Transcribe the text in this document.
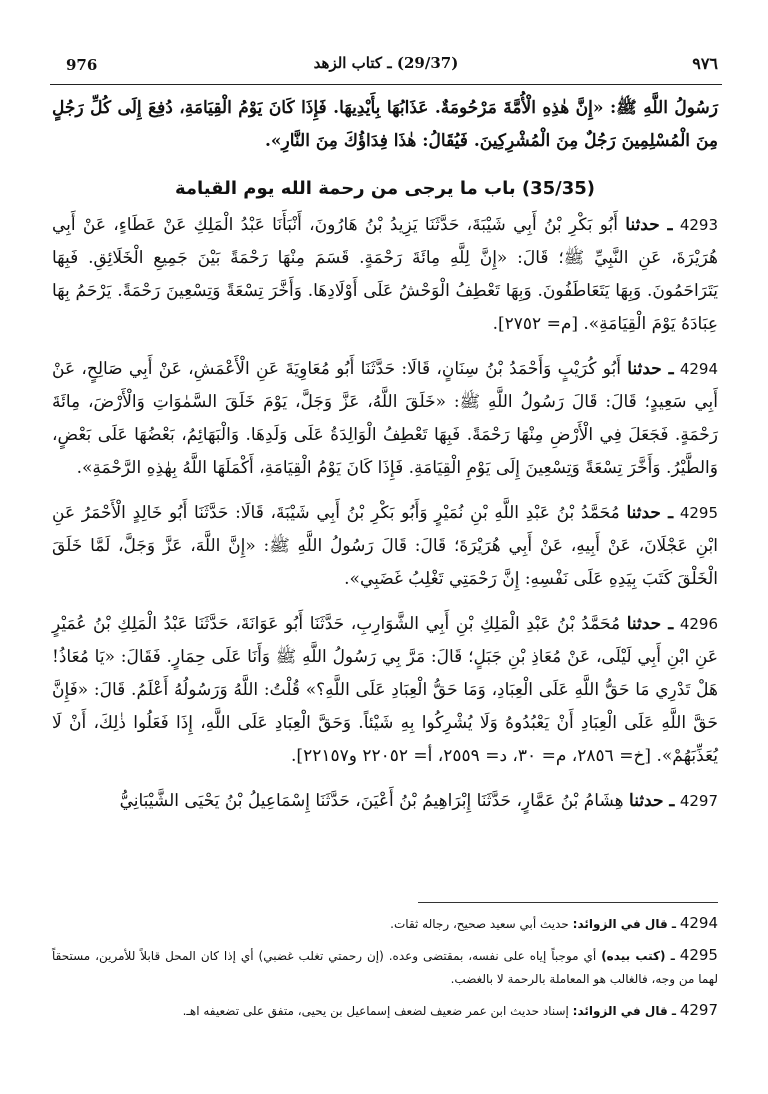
976	(29/37) ـ كتاب الزهد	٩٧٦

رَسُولُ اللَّهِ ﷺ: «إِنَّ هٰذِهِ الْأُمَّةَ مَرْحُومَةٌ. عَذَابُهَا بِأَيْدِيهَا. فَإِذَا كَانَ يَوْمُ الْقِيَامَةِ، دُفِعَ إِلَى كُلِّ رَجُلٍ مِنَ الْمُسْلِمِينَ رَجُلٌ مِنَ الْمُشْرِكِينَ. فَيُقَالُ: هٰذَا فِدَاؤُكَ مِنَ النَّارِ».

(35/35) باب ما يرجى من رحمة الله يوم القيامة

4293 ـ حدثنا أَبُو بَكْرِ بْنُ أَبِي شَيْبَةَ، حَدَّثَنَا يَزِيدُ بْنُ هَارُونَ، أَنْبَأَنَا عَبْدُ الْمَلِكِ عَنْ عَطَاءٍ، عَنْ أَبِي هُرَيْرَةَ، عَنِ النَّبِيِّ ﷺ؛ قَالَ: «إِنَّ لِلَّهِ مِائَةَ رَحْمَةٍ. قَسَمَ مِنْهَا رَحْمَةً بَيْنَ جَمِيعِ الْخَلَائِقِ. فَبِهَا يَتَرَاحَمُونَ. وَبِهَا يَتَعَاطَفُونَ. وَبِهَا تَعْطِفُ الْوَحْشُ عَلَى أَوْلَادِهَا. وَأَخَّرَ تِسْعَةً وَتِسْعِينَ رَحْمَةً. يَرْحَمُ بِهَا عِبَادَهُ يَوْمَ الْقِيَامَةِ». [م= ٢٧٥٢].

4294 ـ حدثنا أَبُو كُرَيْبٍ وَأَحْمَدُ بْنُ سِنَانٍ، قَالَا: حَدَّثَنَا أَبُو مُعَاوِيَةَ عَنِ الْأَعْمَشِ، عَنْ أَبِي صَالِحٍ، عَنْ أَبِي سَعِيدٍ؛ قَالَ: قَالَ رَسُولُ اللَّهِ ﷺ: «خَلَقَ اللَّهُ، عَزَّ وَجَلَّ، يَوْمَ خَلَقَ السَّمٰوَاتِ وَالْأَرْضَ، مِائَةَ رَحْمَةٍ. فَجَعَلَ فِي الْأَرْضِ مِنْهَا رَحْمَةً. فَبِهَا تَعْطِفُ الْوَالِدَةُ عَلَى وَلَدِهَا. وَالْبَهَائِمُ، بَعْضُهَا عَلَى بَعْضٍ، وَالطَّيْرُ. وَأَخَّرَ تِسْعَةً وَتِسْعِينَ إِلَى يَوْمِ الْقِيَامَةِ. فَإِذَا كَانَ يَوْمُ الْقِيَامَةِ، أَكْمَلَهَا اللَّهُ بِهٰذِهِ الرَّحْمَةِ».

4295 ـ حدثنا مُحَمَّدُ بْنُ عَبْدِ اللَّهِ بْنِ نُمَيْرٍ وَأَبُو بَكْرِ بْنُ أَبِي شَيْبَةَ، قَالَا: حَدَّثَنَا أَبُو خَالِدٍ الْأَحْمَرُ عَنِ ابْنِ عَجْلَانَ، عَنْ أَبِيهِ، عَنْ أَبِي هُرَيْرَةَ؛ قَالَ: قَالَ رَسُولُ اللَّهِ ﷺ: «إِنَّ اللَّهَ، عَزَّ وَجَلَّ، لَمَّا خَلَقَ الْخَلْقَ كَتَبَ بِيَدِهِ عَلَى نَفْسِهِ: إِنَّ رَحْمَتِي تَغْلِبُ غَضَبِي».

4296 ـ حدثنا مُحَمَّدُ بْنُ عَبْدِ الْمَلِكِ بْنِ أَبِي الشَّوَارِبِ، حَدَّثَنَا أَبُو عَوَانَةَ، حَدَّثَنَا عَبْدُ الْمَلِكِ بْنُ عُمَيْرٍ عَنِ ابْنِ أَبِي لَيْلَى، عَنْ مُعَاذِ بْنِ جَبَلٍ؛ قَالَ: مَرَّ بِي رَسُولُ اللَّهِ ﷺ وَأَنَا عَلَى حِمَارٍ. فَقَالَ: «يَا مُعَاذُ! هَلْ تَدْرِي مَا حَقُّ اللَّهِ عَلَى الْعِبَادِ، وَمَا حَقُّ الْعِبَادِ عَلَى اللَّهِ؟» قُلْتُ: اللَّهُ وَرَسُولُهُ أَعْلَمُ. قَالَ: «فَإِنَّ حَقَّ اللَّهِ عَلَى الْعِبَادِ أَنْ يَعْبُدُوهُ وَلَا يُشْرِكُوا بِهِ شَيْئاً. وَحَقَّ الْعِبَادِ عَلَى اللَّهِ، إِذَا فَعَلُوا ذٰلِكَ، أَنْ لَا يُعَذِّبَهُمْ». [خ= ٢٨٥٦، م= ٣٠، د= ٢٥٥٩، أ= ٢٢٠٥٢ و٢٢١٥٧].

4297 ـ حدثنا هِشَامُ بْنُ عَمَّارٍ، حَدَّثَنَا إِبْرَاهِيمُ بْنُ أَعْيَنَ، حَدَّثَنَا إِسْمَاعِيلُ بْنُ يَحْيَى الشَّيْبَانِيُّ

4294 ـ قال في الزوائد: حديث أبي سعيد صحيح، رجاله ثقات.

4295 ـ (كتب بيده) أي موجباً إياه على نفسه، بمقتضى وعده. (إن رحمتي تغلب غضبي) أي إذا كان المحل قابلاً للأمرين، مستحقاً لهما من وجه، فالغالب هو المعاملة بالرحمة لا بالغضب.

4297 ـ قال في الزوائد: إسناد حديث ابن عمر ضعيف لضعف إسماعيل بن يحيى، متفق على تضعيفه اهـ.
